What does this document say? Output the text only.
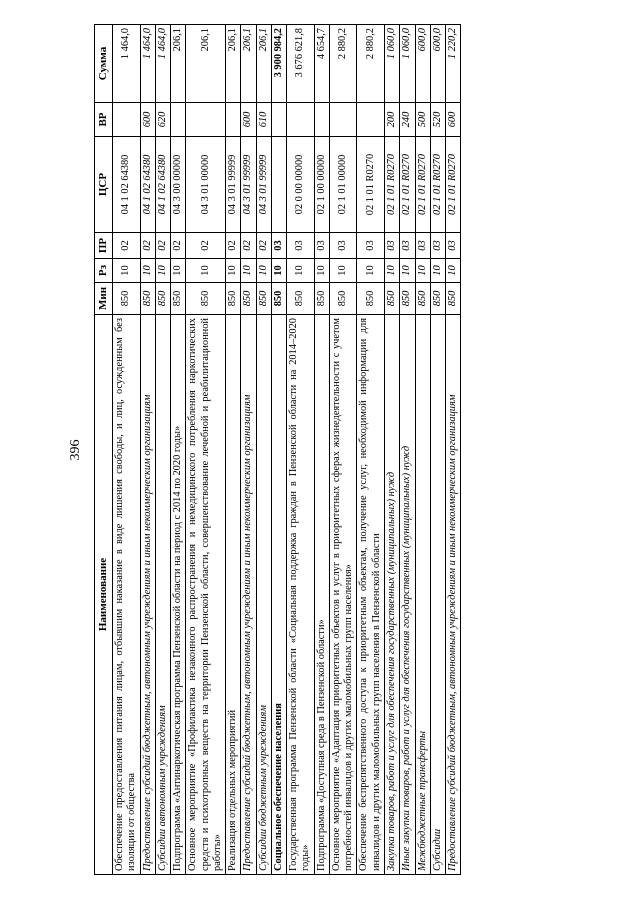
396
Наименование	Мин	Рз	ПР	ЦСР	ВР	Сумма
Обеспечение предоставления питания лицам, отбывшим наказание в виде лишения свободы, и лиц, осужденным без изоляции от общества	850	10	02	04 1 02 64380		1 464,0
Предоставление субсидий бюджетным, автономным учреждениям и иным некоммерческим организациям	850	10	02	04 1 02 64380	600	1 464,0
Субсидии автономным учреждениям	850	10	02	04 1 02 64380	620	1 464,0
Подпрограмма «Антинаркотическая программа Пензенской области на период с 2014 по 2020 годы»	850	10	02	04 3 00 00000		206,1
Основное мероприятие «Профилактика незаконного распространения и немедицинского потребления наркотических средств и психотропных веществ на территории Пензенской области, совершенствование лечебной и реабилитационной работы»	850	10	02	04 3 01 00000		206,1
Реализация отдельных мероприятий	850	10	02	04 3 01 99999		206,1
Предоставление субсидий бюджетным, автономным учреждениям и иным некоммерческим организациям	850	10	02	04 3 01 99999	600	206,1
Субсидии бюджетным учреждениям	850	10	02	04 3 01 99999	610	206,1
Социальное обеспечение населения	850	10	03			3 900 984,2
Государственная программа Пензенской области «Социальная поддержка граждан в Пензенской области на 2014–2020 годы»	850	10	03	02 0 00 00000		3 676 621,8
Подпрограмма «Доступная среда в Пензенской области»	850	10	03	02 1 00 00000		4 654,7
Основное мероприятие «Адаптация приоритетных объектов и услуг в приоритетных сферах жизнедеятельности с учетом потребностей инвалидов и других маломобильных групп населения»	850	10	03	02 1 01 00000		2 880,2
Обеспечение беспрепятственного доступа к приоритетным объектам, получение услуг, необходимой информации для инвалидов и других маломобильных групп населения в Пензенской области	850	10	03	02 1 01 R0270		2 880,2
Закупка товаров, работ и услуг для обеспечения государственных (муниципальных) нужд	850	10	03	02 1 01 R0270	200	1 060,0
Иные закупки товаров, работ и услуг для обеспечения государственных (муниципальных) нужд	850	10	03	02 1 01 R0270	240	1 060,0
Межбюджетные трансферты	850	10	03	02 1 01 R0270	500	600,0
Субсидии	850	10	03	02 1 01 R0270	520	600,0
Предоставление субсидий бюджетным, автономным учреждениям и иным некоммерческим организациям	850	10	03	02 1 01 R0270	600	1 220,2
